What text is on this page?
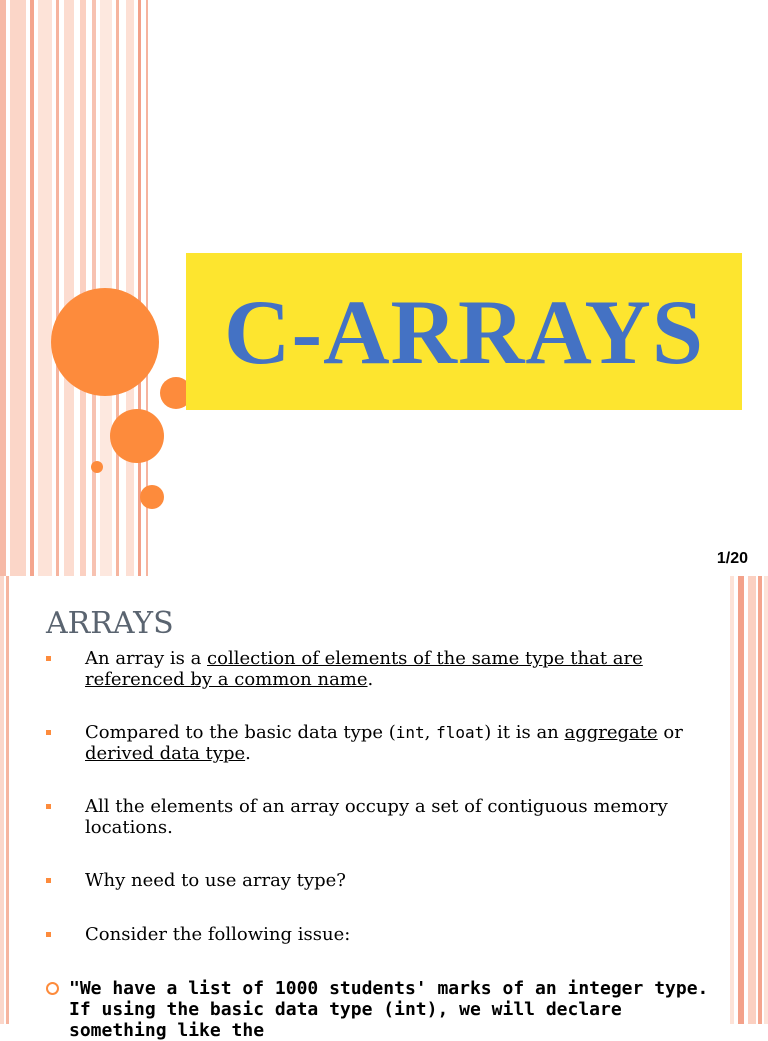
C-ARRAYS
1/20
ARRAYS
An array is a collection of elements of the same type that are referenced by a common name.
Compared to the basic data type (int, float) it is an aggregate or derived data type.
All the elements of an array occupy a set of contiguous memory locations.
Why need to use array type?
Consider the following issue:
"We have a list of 1000 students' marks of an integer type. If using the basic data type (int), we will declare something like the
